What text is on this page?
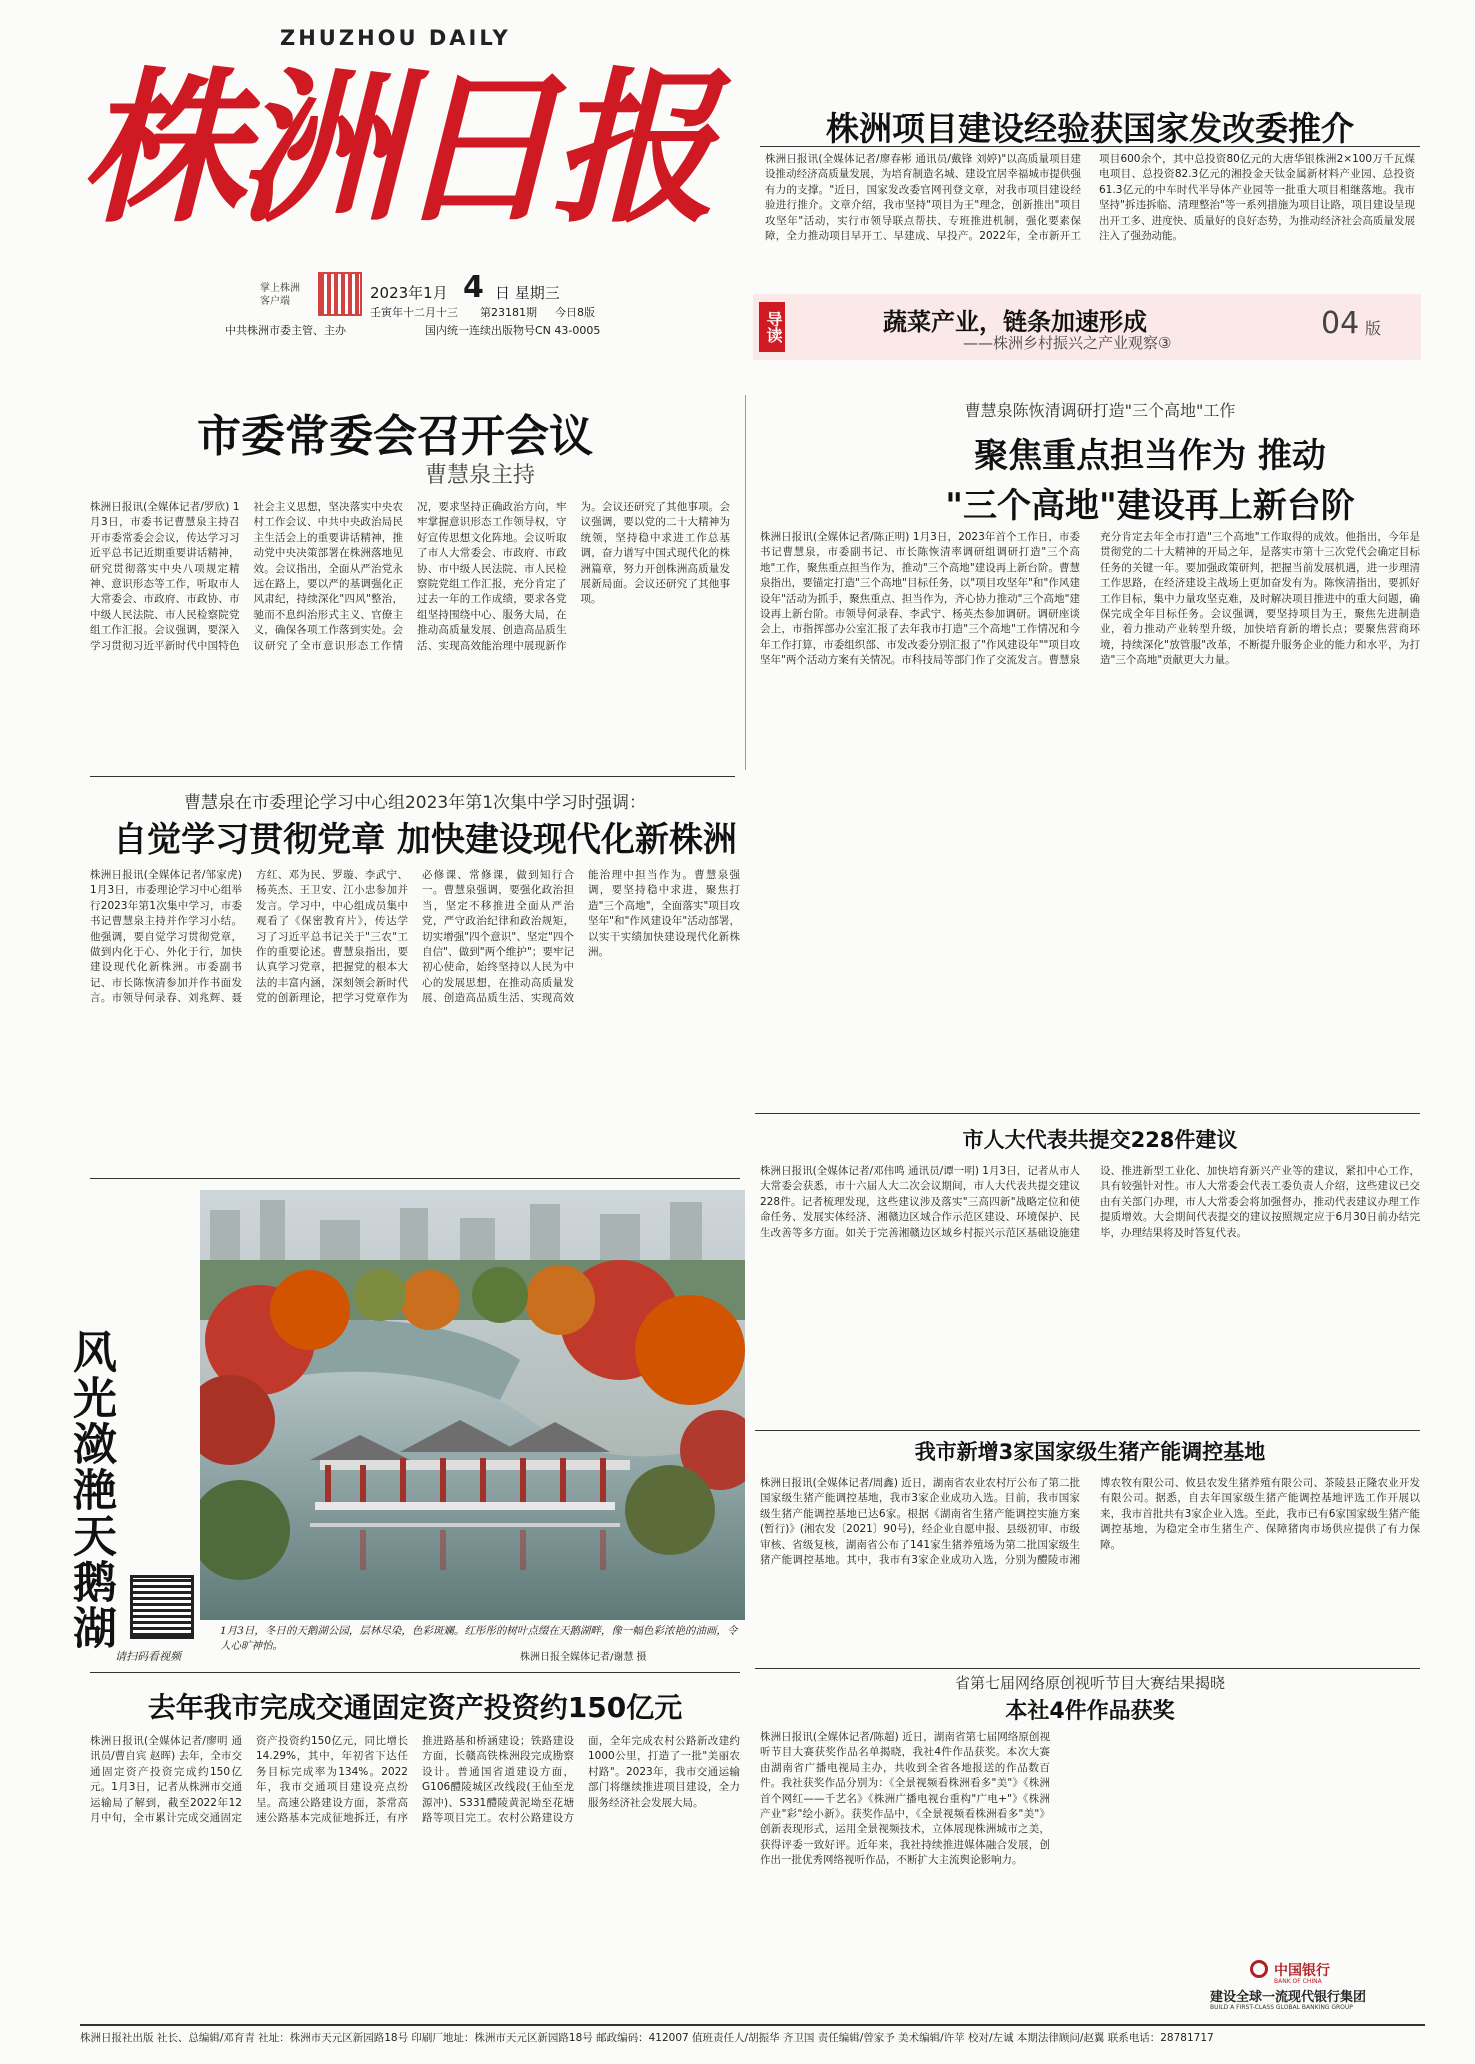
ZHUZHOU DAILY
株洲日报
掌上株洲 客户端	2023年1月 4 日 星期三
壬寅年十二月十三 第23181期 今日8版
中共株洲市委主管、主办	国内统一连续出版物号CN 43-0005
株洲项目建设经验获国家发改委推介
株洲日报讯(全媒体记者/廖春彬 通讯员/戴锋 刘婷)"以高质量项目建设推动经济高质量发展，为培育制造名城、建设宜居幸福城市提供强有力的支撑。"近日，国家发改委官网刊登文章，对我市项目建设经验进行推介。文章介绍，我市坚持"项目为王"理念，创新推出"项目攻坚年"活动，实行市领导联点帮扶、专班推进机制，强化要素保障，全力推动项目早开工、早建成、早投产。2022年，全市新开工项目600余个，其中总投资80亿元的大唐华银株洲2×100万千瓦煤电项目、总投资82.3亿元的湘投金天钛金属新材料产业园、总投资61.3亿元的中车时代半导体产业园等一批重大项目相继落地。我市坚持"拆违拆临、清理整治"等一系列措施为项目让路，项目建设呈现出开工多、进度快、质量好的良好态势，为推动经济社会高质量发展注入了强劲动能。
导读	蔬菜产业，链条加速形成
——株洲乡村振兴之产业观察③
04 版
市委常委会召开会议
曹慧泉主持
株洲日报讯(全媒体记者/罗欣) 1月3日，市委书记曹慧泉主持召开市委常委会会议，传达学习习近平总书记近期重要讲话精神，研究贯彻落实中央八项规定精神、意识形态等工作，听取市人大常委会、市政府、市政协、市中级人民法院、市人民检察院党组工作汇报。会议强调，要深入学习贯彻习近平新时代中国特色社会主义思想，坚决落实中央农村工作会议、中共中央政治局民主生活会上的重要讲话精神，推动党中央决策部署在株洲落地见效。会议指出，全面从严治党永远在路上，要以严的基调强化正风肃纪，持续深化"四风"整治，驰而不息纠治形式主义、官僚主义，确保各项工作落到实处。会议研究了全市意识形态工作情况，要求坚持正确政治方向，牢牢掌握意识形态工作领导权，守好宣传思想文化阵地。会议听取了市人大常委会、市政府、市政协、市中级人民法院、市人民检察院党组工作汇报，充分肯定了过去一年的工作成绩，要求各党组坚持围绕中心、服务大局，在推动高质量发展、创造高品质生活、实现高效能治理中展现新作为。会议还研究了其他事项。会议强调，要以党的二十大精神为统领，坚持稳中求进工作总基调，奋力谱写中国式现代化的株洲篇章，努力开创株洲高质量发展新局面。会议还研究了其他事项。
曹慧泉陈恢清调研打造"三个高地"工作
聚焦重点担当作为 推动
"三个高地"建设再上新台阶
株洲日报讯(全媒体记者/陈正明) 1月3日，2023年首个工作日，市委书记曹慧泉，市委副书记、市长陈恢清率调研组调研打造"三个高地"工作，聚焦重点担当作为，推动"三个高地"建设再上新台阶。曹慧泉指出，要锚定打造"三个高地"目标任务，以"项目攻坚年"和"作风建设年"活动为抓手，聚焦重点、担当作为，齐心协力推动"三个高地"建设再上新台阶。市领导何录春、李武宁、杨英杰参加调研。调研座谈会上，市指挥部办公室汇报了去年我市打造"三个高地"工作情况和今年工作打算，市委组织部、市发改委分别汇报了"作风建设年""项目攻坚年"两个活动方案有关情况。市科技局等部门作了交流发言。曹慧泉充分肯定去年全市打造"三个高地"工作取得的成效。他指出，今年是贯彻党的二十大精神的开局之年，是落实市第十三次党代会确定目标任务的关键一年。要加强政策研判，把握当前发展机遇，进一步理清工作思路，在经济建设主战场上更加奋发有为。陈恢清指出，要抓好工作目标，集中力量攻坚克难，及时解决项目推进中的重大问题，确保完成全年目标任务。会议强调，要坚持项目为王，聚焦先进制造业，着力推动产业转型升级，加快培育新的增长点；要聚焦营商环境，持续深化"放管服"改革，不断提升服务企业的能力和水平，为打造"三个高地"贡献更大力量。
曹慧泉在市委理论学习中心组2023年第1次集中学习时强调：
自觉学习贯彻党章 加快建设现代化新株洲
株洲日报讯(全媒体记者/邹家虎) 1月3日，市委理论学习中心组举行2023年第1次集中学习，市委书记曹慧泉主持并作学习小结。他强调，要自觉学习贯彻党章，做到内化于心、外化于行，加快建设现代化新株洲。市委副书记、市长陈恢清参加并作书面发言。市领导何录春、刘兆辉、聂方红、邓为民、罗璇、李武宁、杨英杰、王卫安、江小忠参加并发言。学习中，中心组成员集中观看了《保密教育片》，传达学习了习近平总书记关于"三农"工作的重要论述。曹慧泉指出，要认真学习党章，把握党的根本大法的丰富内涵，深刻领会新时代党的创新理论，把学习党章作为必修课、常修课，做到知行合一。曹慧泉强调，要强化政治担当，坚定不移推进全面从严治党，严守政治纪律和政治规矩，切实增强"四个意识"、坚定"四个自信"、做到"两个维护"；要牢记初心使命，始终坚持以人民为中心的发展思想，在推动高质量发展、创造高品质生活、实现高效能治理中担当作为。曹慧泉强调，要坚持稳中求进，聚焦打造"三个高地"，全面落实"项目攻坚年"和"作风建设年"活动部署，以实干实绩加快建设现代化新株洲。
风光潋滟天鹅湖
请扫码看视频
1月3日，冬日的天鹅湖公园，层林尽染，色彩斑斓。红彤彤的树叶点缀在天鹅湖畔，像一幅色彩浓艳的油画，令人心旷神怡。
株洲日报全媒体记者/谢慧 摄
市人大代表共提交228件建议
株洲日报讯(全媒体记者/邓伟鸣 通讯员/谭一明) 1月3日，记者从市人大常委会获悉，市十六届人大二次会议期间，市人大代表共提交建议228件。记者梳理发现，这些建议涉及落实"三高四新"战略定位和使命任务、发展实体经济、湘赣边区域合作示范区建设、环境保护、民生改善等多方面。如关于完善湘赣边区域乡村振兴示范区基础设施建设、推进新型工业化、加快培育新兴产业等的建议，紧扣中心工作，具有较强针对性。市人大常委会代表工委负责人介绍，这些建议已交由有关部门办理，市人大常委会将加强督办，推动代表建议办理工作提质增效。大会期间代表提交的建议按照规定应于6月30日前办结完毕，办理结果将及时答复代表。
我市新增3家国家级生猪产能调控基地
株洲日报讯(全媒体记者/周鑫) 近日，湖南省农业农村厅公布了第二批国家级生猪产能调控基地，我市3家企业成功入选。目前，我市国家级生猪产能调控基地已达6家。根据《湖南省生猪产能调控实施方案(暂行)》(湘农发〔2021〕90号)，经企业自愿申报、县级初审、市级审核、省级复核，湖南省公布了141家生猪养殖场为第二批国家级生猪产能调控基地。其中，我市有3家企业成功入选，分别为醴陵市湘博农牧有限公司、攸县农发生猪养殖有限公司、茶陵县正隆农业开发有限公司。据悉，自去年国家级生猪产能调控基地评选工作开展以来，我市首批共有3家企业入选。至此，我市已有6家国家级生猪产能调控基地，为稳定全市生猪生产、保障猪肉市场供应提供了有力保障。
省第七届网络原创视听节目大赛结果揭晓
本社4件作品获奖
株洲日报讯(全媒体记者/陈超) 近日，湖南省第七届网络原创视听节目大赛获奖作品名单揭晓，我社4件作品获奖。本次大赛由湖南省广播电视局主办，共收到全省各地报送的作品数百件。我社获奖作品分别为：《全景视频看株洲看多"美"》《株洲首个网红——千艺名》《株洲广播电视台重构"广电+"》《株洲产业"彩"绘小新》。获奖作品中，《全景视频看株洲看多"美"》创新表现形式，运用全景视频技术，立体展现株洲城市之美，获得评委一致好评。近年来，我社持续推进媒体融合发展，创作出一批优秀网络视听作品，不断扩大主流舆论影响力。
去年我市完成交通固定资产投资约150亿元
株洲日报讯(全媒体记者/廖明 通讯员/曹自宾 赵晖) 去年，全市交通固定资产投资完成约150亿元。1月3日，记者从株洲市交通运输局了解到，截至2022年12月中旬，全市累计完成交通固定资产投资约150亿元，同比增长14.29%，其中，年初省下达任务目标完成率为134%。2022年，我市交通项目建设亮点纷呈。高速公路建设方面，茶常高速公路基本完成征地拆迁，有序推进路基和桥涵建设；铁路建设方面，长赣高铁株洲段完成勘察设计。普通国省道建设方面，G106醴陵城区改线段(王仙至龙源冲)、S331醴陵黄泥坳至花塘路等项目完工。农村公路建设方面，全年完成农村公路新改建约1000公里，打造了一批"美丽农村路"。2023年，我市交通运输部门将继续推进项目建设，全力服务经济社会发展大局。
中国银行
BANK OF CHINA
建设全球一流现代银行集团
BUILD A FIRST-CLASS GLOBAL BANKING GROUP
株洲日报社出版 社长、总编辑/邓育青 社址：株洲市天元区新园路18号 印刷厂地址：株洲市天元区新园路18号 邮政编码：412007 值班责任人/胡振华 齐卫国 责任编辑/曾家予 美术编辑/许苹 校对/左诚 本期法律顾问/赵翼 联系电话：28781717
